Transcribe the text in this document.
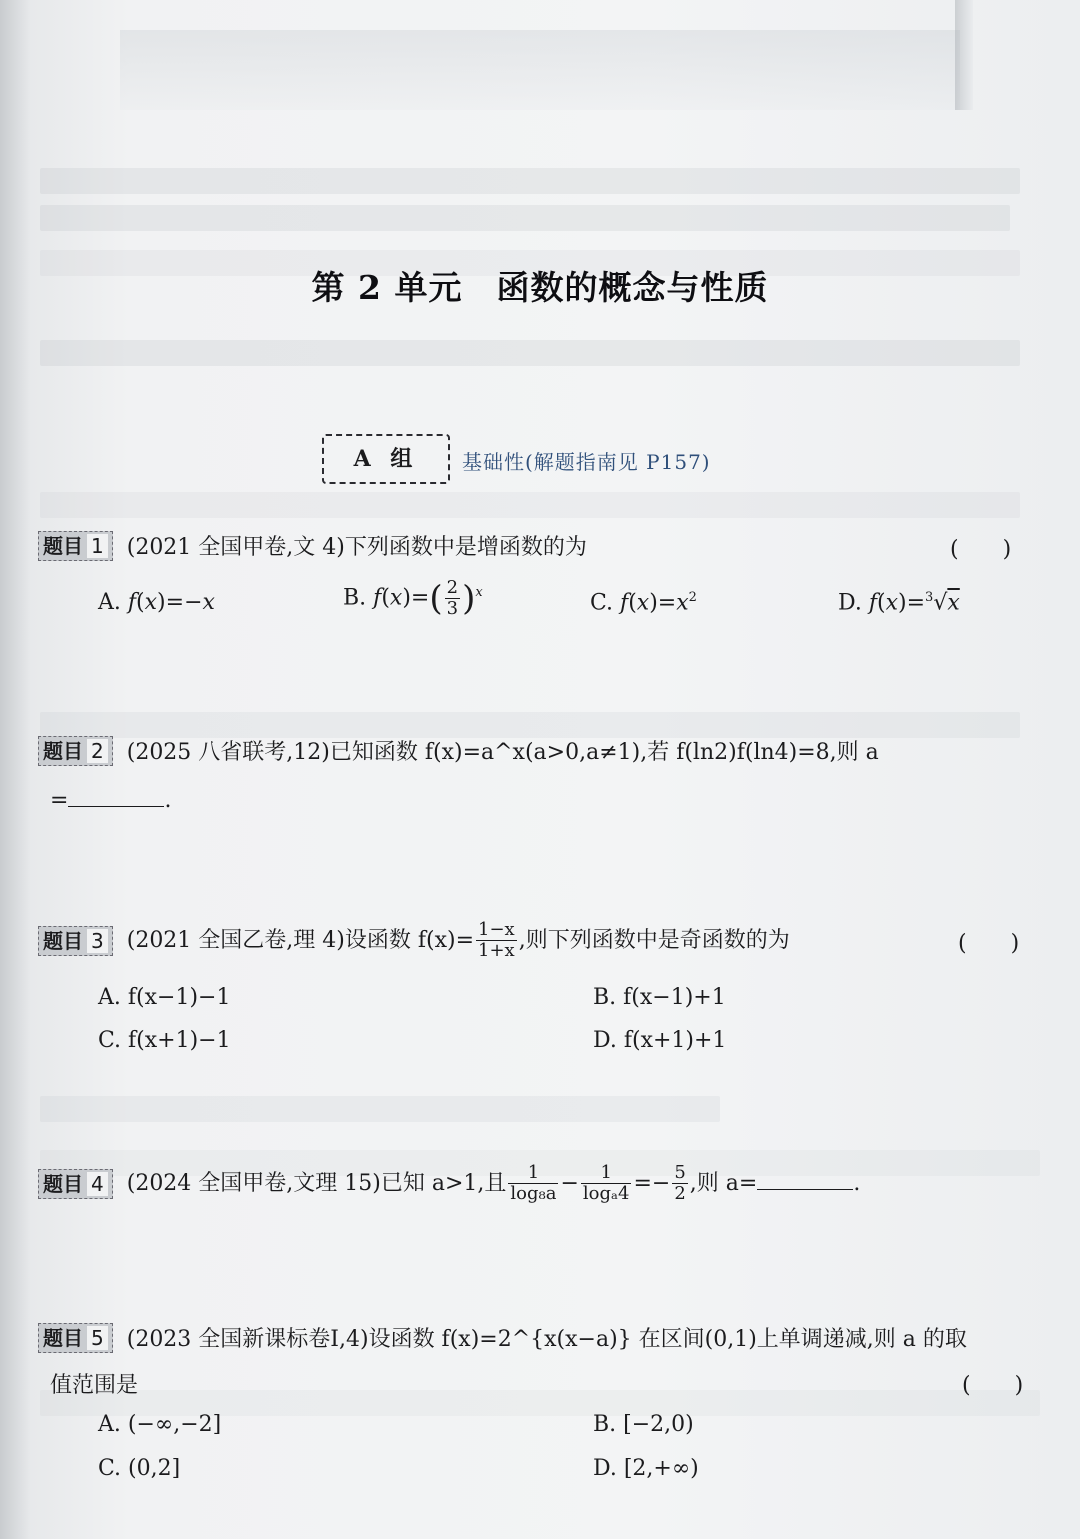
第 2 单元　函数的概念与性质
A 组	基础性(解题指南见 P157)
题目 1 (2021 全国甲卷,文 4)下列函数中是增函数的为	(　　)
A. f(x)=−x	B. $f(x)=( \frac{2}{3} )^x$	C. $f(x)=x^2$	D. f(x)=$^3$√x
题目 2 (2025 八省联考,12)已知函数 f(x)=a^x(a>0,a≠1),若 f(ln2)f(ln4)=8,则 a
=	.
题目 3 (2021 全国乙卷,理 4)设函数 $f(x)= \frac{1-x}{1+x}$ ,则下列函数中是奇函数的为	(　　)
A. f(x−1)−1	B. f(x−1)+1
C. f(x+1)−1	D. f(x+1)+1
题目 4 (2024 全国甲卷,文理 15)已知 a>1,且 $\frac{1}{\text{log₈a}} - \frac{1}{\text{logₐ4}} =- \frac{5}{2}$ ,则 a=	.
题目 5 (2023 全国新课标卷Ⅰ,4)设函数 f(x)=2^{x(x−a)} 在区间(0,1)上单调递减,则 a 的取
值范围是	(　　)
A. (−∞,−2]	B. [−2,0)
C. (0,2]	D. [2,+∞)
